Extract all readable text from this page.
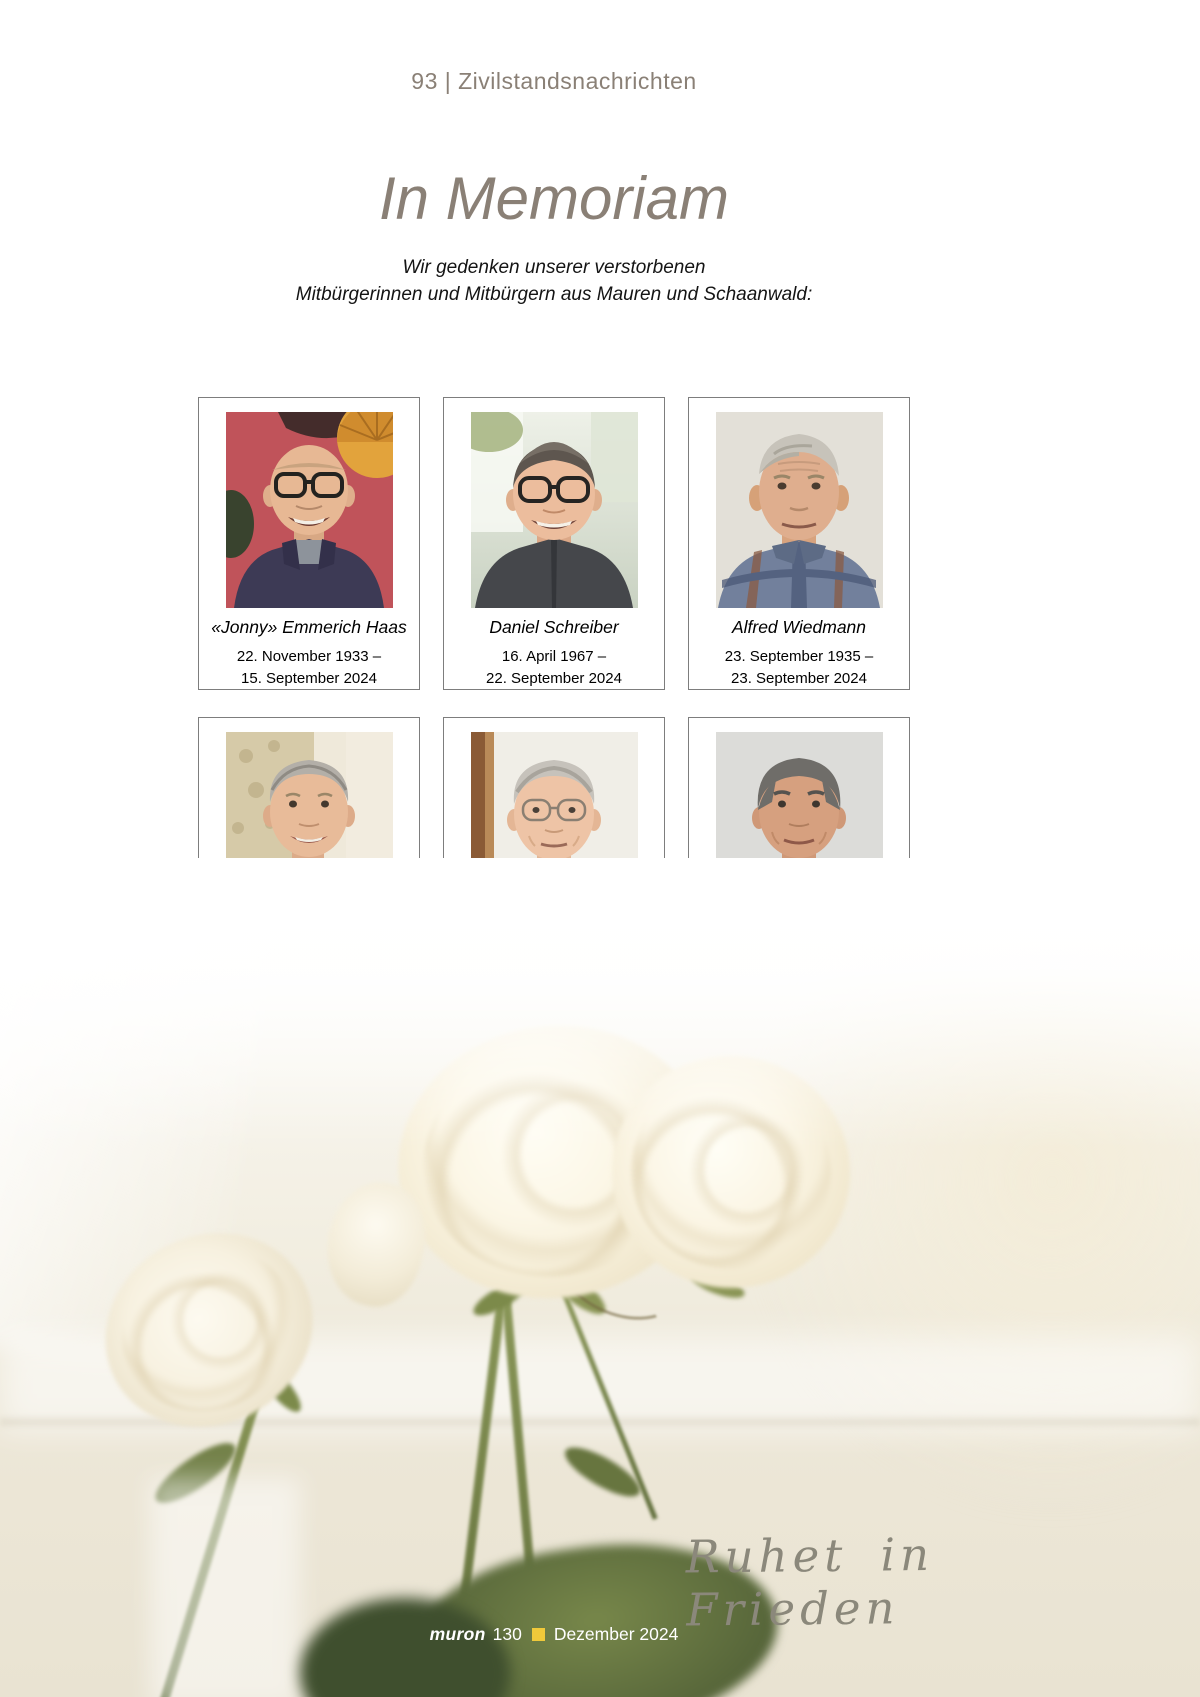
93 | Zivilstandsnachrichten
In Memoriam
Wir gedenken unserer verstorbenen
Mitbürgerinnen und Mitbürgern aus Mauren und Schaanwald:
«Jonny» Emmerich Haas
22. November 1933 –
15. September 2024
Daniel Schreiber
16. April 1967 –
22. September 2024
Alfred Wiedmann
23. September 1935 –
23. September 2024
Ruhet in Frieden
muron 130 Dezember 2024
